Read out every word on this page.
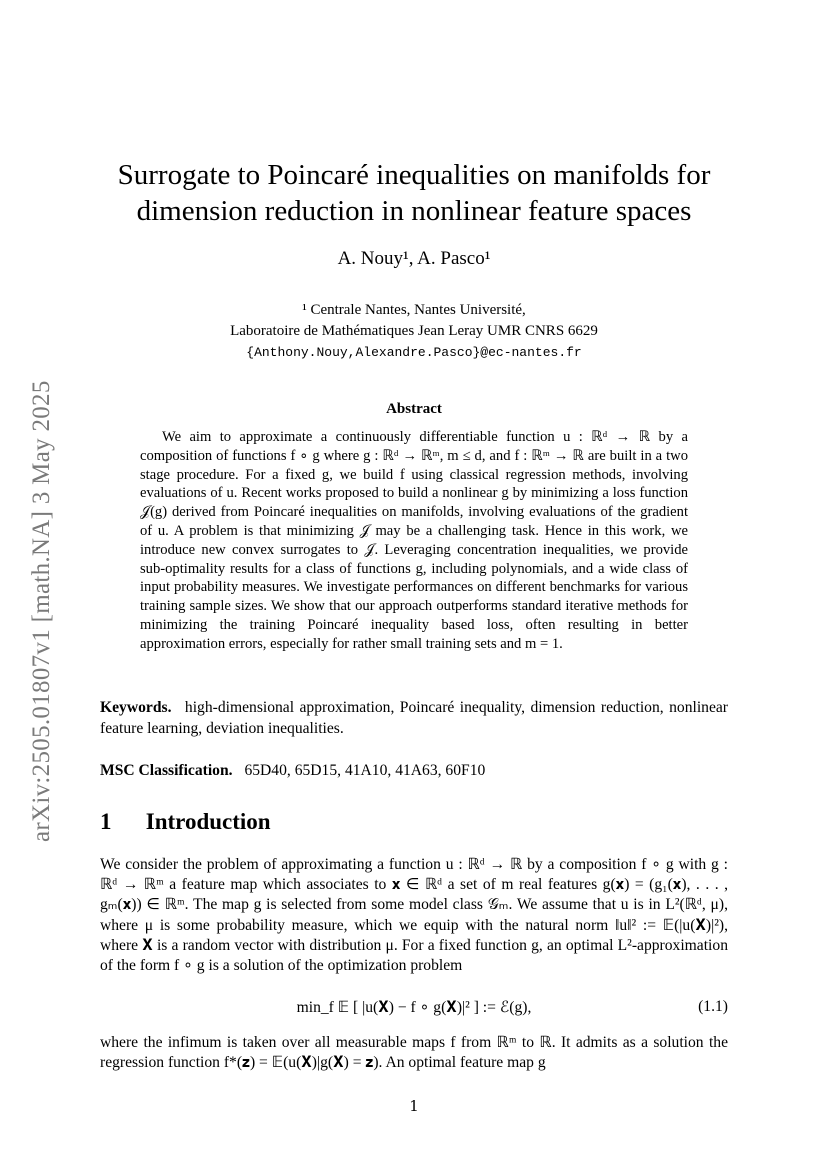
arXiv:2505.01807v1 [math.NA] 3 May 2025
Surrogate to Poincaré inequalities on manifolds for
dimension reduction in nonlinear feature spaces
A. Nouy¹, A. Pasco¹
¹ Centrale Nantes, Nantes Université,
Laboratoire de Mathématiques Jean Leray UMR CNRS 6629
{Anthony.Nouy,Alexandre.Pasco}@ec-nantes.fr
Abstract
We aim to approximate a continuously differentiable function u : ℝᵈ → ℝ by a composition of functions f ∘ g where g : ℝᵈ → ℝᵐ, m ≤ d, and f : ℝᵐ → ℝ are built in a two stage procedure. For a fixed g, we build f using classical regression methods, involving evaluations of u. Recent works proposed to build a nonlinear g by minimizing a loss function 𝒥(g) derived from Poincaré inequalities on manifolds, involving evaluations of the gradient of u. A problem is that minimizing 𝒥 may be a challenging task. Hence in this work, we introduce new convex surrogates to 𝒥. Leveraging concentration inequalities, we provide sub-optimality results for a class of functions g, including polynomials, and a wide class of input probability measures. We investigate performances on different benchmarks for various training sample sizes. We show that our approach outperforms standard iterative methods for minimizing the training Poincaré inequality based loss, often resulting in better approximation errors, especially for rather small training sets and m = 1.
Keywords. high-dimensional approximation, Poincaré inequality, dimension reduction, nonlinear feature learning, deviation inequalities.
MSC Classification. 65D40, 65D15, 41A10, 41A63, 60F10
1 Introduction
We consider the problem of approximating a function u : ℝᵈ → ℝ by a composition f ∘ g with g : ℝᵈ → ℝᵐ a feature map which associates to 𝐱 ∈ ℝᵈ a set of m real features g(𝐱) = (g₁(𝐱), . . . , gₘ(𝐱)) ∈ ℝᵐ. The map g is selected from some model class 𝒢ₘ. We assume that u is in L²(ℝᵈ, μ), where μ is some probability measure, which we equip with the natural norm ‖u‖² := 𝔼(|u(𝐗)|²), where 𝐗 is a random vector with distribution μ. For a fixed function g, an optimal L²-approximation of the form f ∘ g is a solution of the optimization problem
min_f 𝔼 [ |u(𝐗) − f ∘ g(𝐗)|² ] := ℰ(g),	(1.1)
where the infimum is taken over all measurable maps f from ℝᵐ to ℝ. It admits as a solution the regression function f*(𝐳) = 𝔼(u(𝐗)|g(𝐗) = 𝐳). An optimal feature map g
1
